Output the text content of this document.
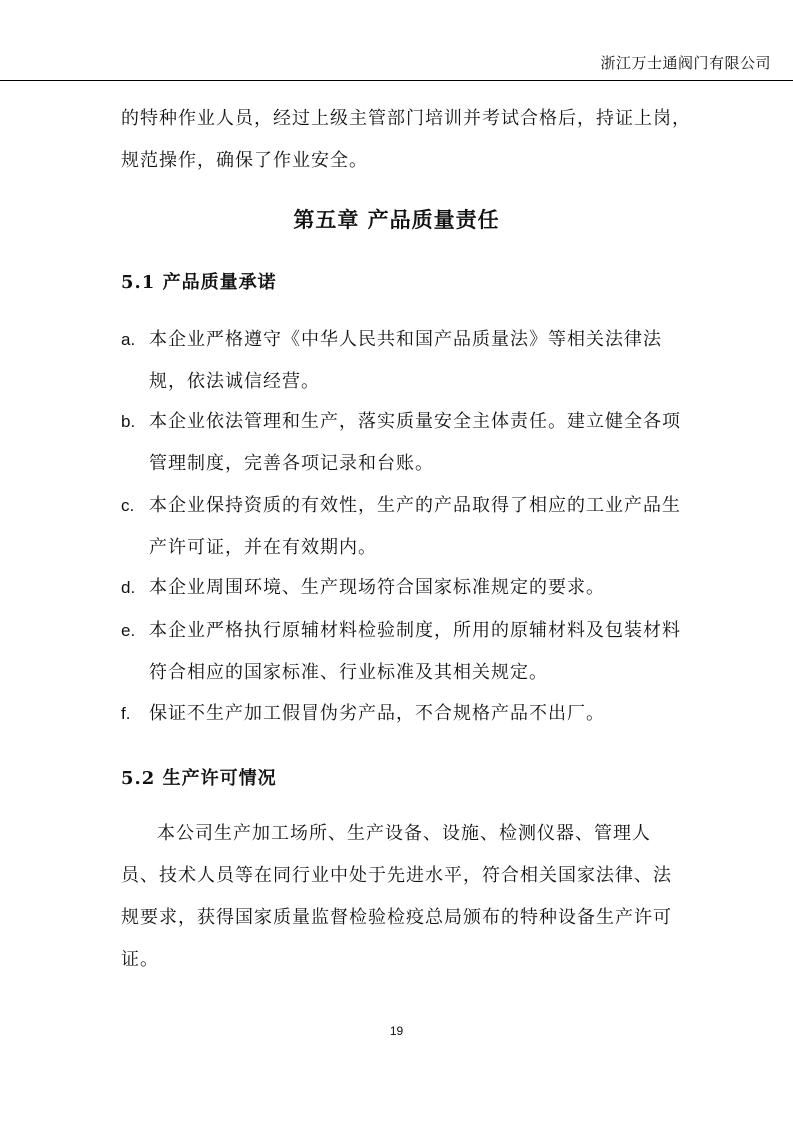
浙江万士通阀门有限公司
的特种作业人员，经过上级主管部门培训并考试合格后，持证上岗，
规范操作，确保了作业安全。
第五章 产品质量责任
5.1 产品质量承诺
a. 本企业严格遵守《中华人民共和国产品质量法》等相关法律法规，依法诚信经营。
b. 本企业依法管理和生产，落实质量安全主体责任。建立健全各项管理制度，完善各项记录和台账。
c. 本企业保持资质的有效性，生产的产品取得了相应的工业产品生产许可证，并在有效期内。
d. 本企业周围环境、生产现场符合国家标准规定的要求。
e. 本企业严格执行原辅材料检验制度，所用的原辅材料及包装材料符合相应的国家标准、行业标准及其相关规定。
f. 保证不生产加工假冒伪劣产品，不合规格产品不出厂。
5.2 生产许可情况
本公司生产加工场所、生产设备、设施、检测仪器、管理人员、技术人员等在同行业中处于先进水平，符合相关国家法律、法规要求，获得国家质量监督检验检疫总局颁布的特种设备生产许可证。
19
